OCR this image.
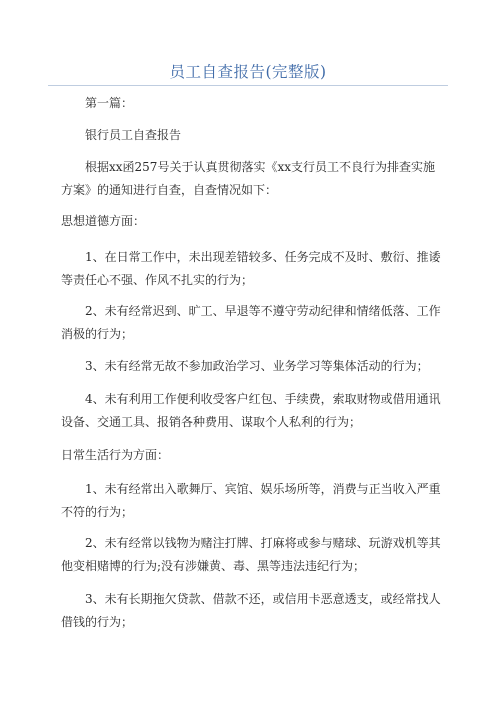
员工自查报告(完整版)

第一篇：

银行员工自查报告

根据xx函257号关于认真贯彻落实《xx支行员工不良行为排查实施方案》的通知进行自查，自查情况如下：

思想道德方面：

1、在日常工作中，未出现差错较多、任务完成不及时、敷衍、推诿等责任心不强、作风不扎实的行为；

2、未有经常迟到、旷工、早退等不遵守劳动纪律和情绪低落、工作消极的行为；

3、未有经常无故不参加政治学习、业务学习等集体活动的行为；

4、未有利用工作便利收受客户红包、手续费，索取财物或借用通讯设备、交通工具、报销各种费用、谋取个人私利的行为；

日常生活行为方面：

1、未有经常出入歌舞厅、宾馆、娱乐场所等，消费与正当收入严重不符的行为；

2、未有经常以钱物为赌注打牌、打麻将或参与赌球、玩游戏机等其他变相赌博的行为;没有涉嫌黄、毒、黑等违法违纪行为；

3、未有长期拖欠贷款、借款不还，或信用卡恶意透支，或经常找人借钱的行为；
